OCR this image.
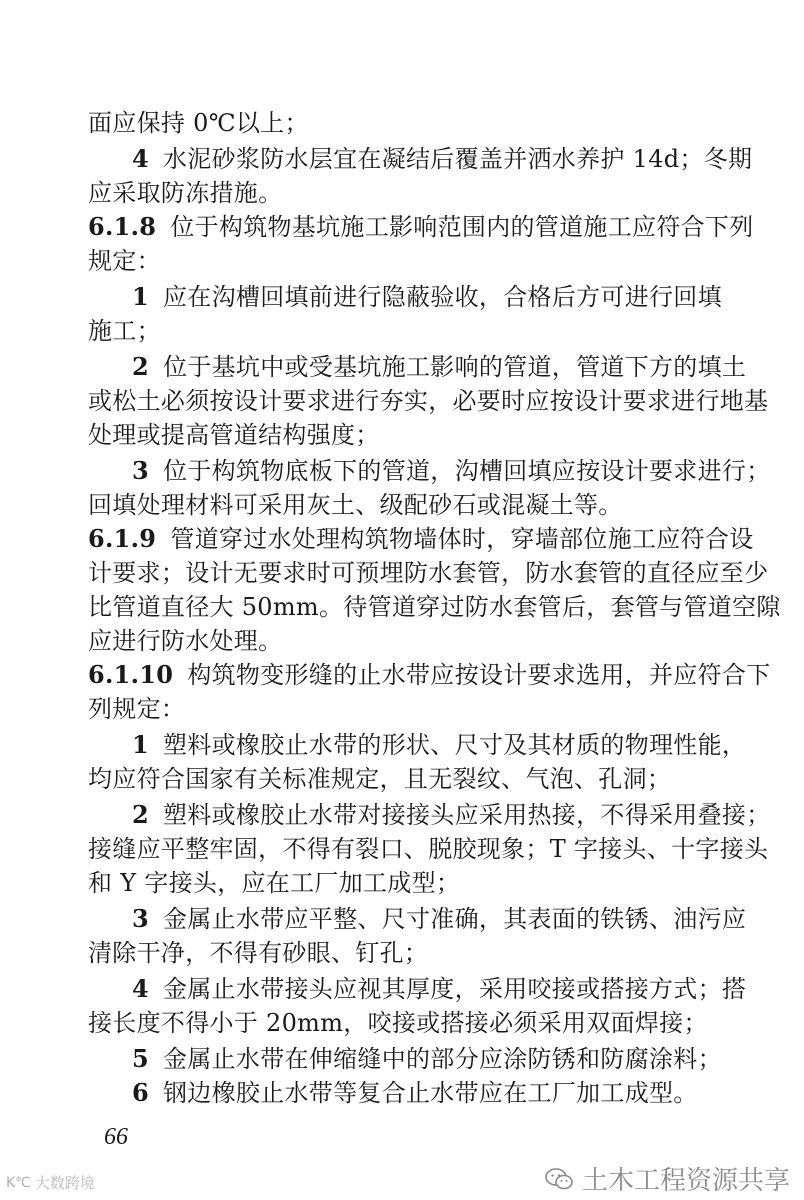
面应保持 0℃以上；
4 水泥砂浆防水层宜在凝结后覆盖并洒水养护 14d；冬期
应采取防冻措施。
6.1.8 位于构筑物基坑施工影响范围内的管道施工应符合下列
规定：
1 应在沟槽回填前进行隐蔽验收，合格后方可进行回填
施工；
2 位于基坑中或受基坑施工影响的管道，管道下方的填土
或松土必须按设计要求进行夯实，必要时应按设计要求进行地基
处理或提高管道结构强度；
3 位于构筑物底板下的管道，沟槽回填应按设计要求进行；
回填处理材料可采用灰土、级配砂石或混凝土等。
6.1.9 管道穿过水处理构筑物墙体时，穿墙部位施工应符合设
计要求；设计无要求时可预埋防水套管，防水套管的直径应至少
比管道直径大 50mm。待管道穿过防水套管后，套管与管道空隙
应进行防水处理。
6.1.10 构筑物变形缝的止水带应按设计要求选用，并应符合下
列规定：
1 塑料或橡胶止水带的形状、尺寸及其材质的物理性能，
均应符合国家有关标准规定，且无裂纹、气泡、孔洞；
2 塑料或橡胶止水带对接接头应采用热接，不得采用叠接；
接缝应平整牢固，不得有裂口、脱胶现象；T 字接头、十字接头
和 Y 字接头，应在工厂加工成型；
3 金属止水带应平整、尺寸准确，其表面的铁锈、油污应
清除干净，不得有砂眼、钉孔；
4 金属止水带接头应视其厚度，采用咬接或搭接方式；搭
接长度不得小于 20mm，咬接或搭接必须采用双面焊接；
5 金属止水带在伸缩缝中的部分应涂防锈和防腐涂料；
6 钢边橡胶止水带等复合止水带应在工厂加工成型。
66
K℃ 大数跨境	土木工程资源共享
